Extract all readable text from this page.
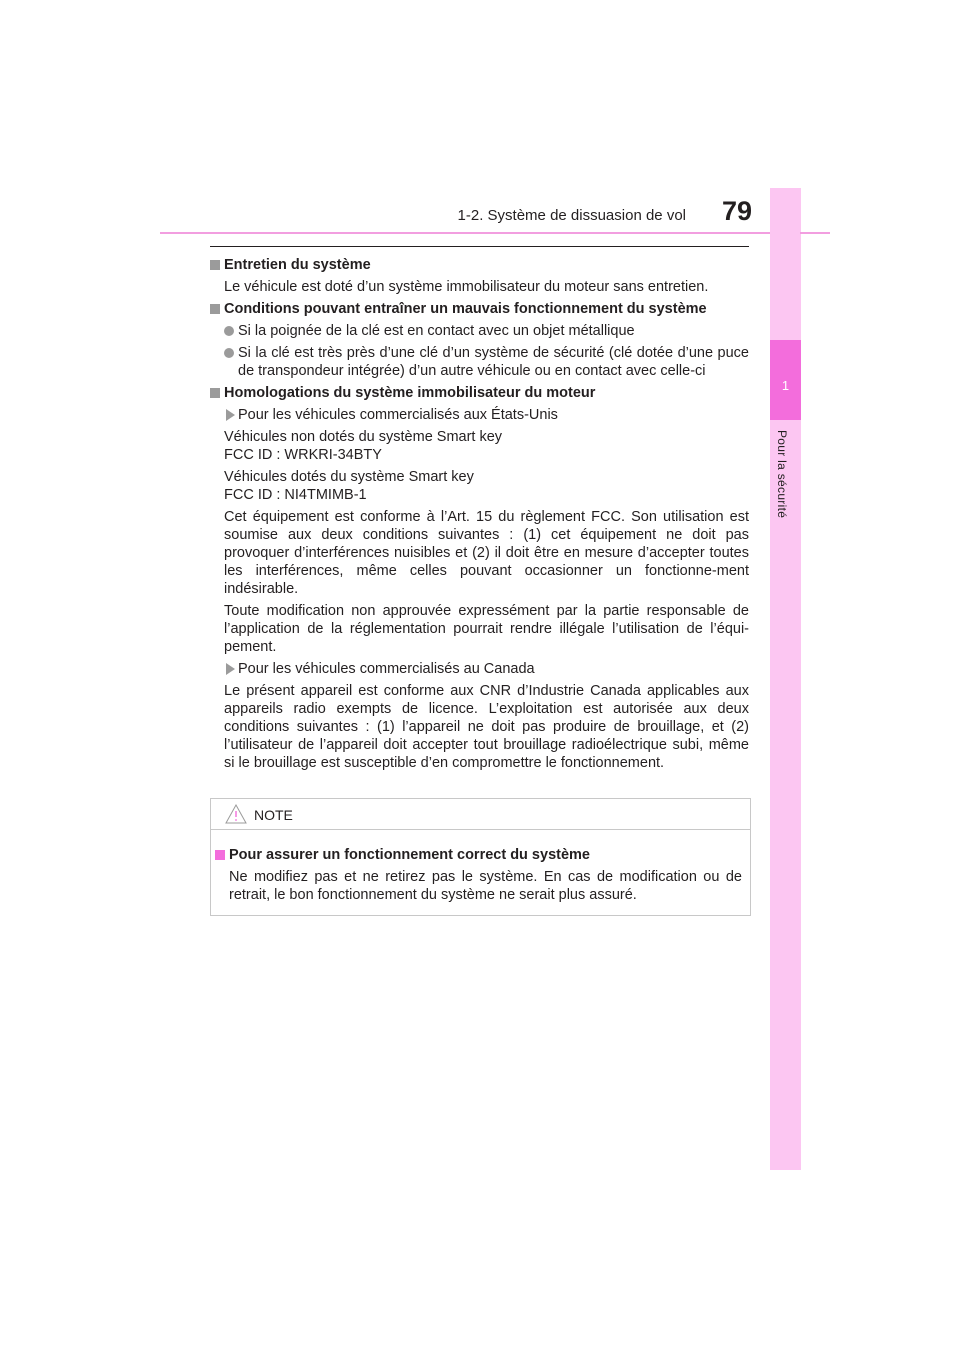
1-2. Système de dissuasion de vol	79
1
Pour la sécurité
Entretien du système
Le véhicule est doté d’un système immobilisateur du moteur sans entretien.
Conditions pouvant entraîner un mauvais fonctionnement du système
Si la poignée de la clé est en contact avec un objet métallique
Si la clé est très près d’une clé d’un système de sécurité (clé dotée d’une puce de transpondeur intégrée) d’un autre véhicule ou en contact avec celle-ci
Homologations du système immobilisateur du moteur
Pour les véhicules commercialisés aux États-Unis
Véhicules non dotés du système Smart key
FCC ID : WRKRI-34BTY
Véhicules dotés du système Smart key
FCC ID : NI4TMIMB-1
Cet équipement est conforme à l’Art. 15 du règlement FCC. Son utilisation est soumise aux deux conditions suivantes : (1) cet équipement ne doit pas provoquer d’interférences nuisibles et (2) il doit être en mesure d’accepter toutes les interférences, même celles pouvant occasionner un fonctionne-ment indésirable.
Toute modification non approuvée expressément par la partie responsable de l’application de la réglementation pourrait rendre illégale l’utilisation de l’équi-pement.
Pour les véhicules commercialisés au Canada
Le présent appareil est conforme aux CNR d’Industrie Canada applicables aux appareils radio exempts de licence. L’exploitation est autorisée aux deux conditions suivantes : (1) l’appareil ne doit pas produire de brouillage, et (2) l’utilisateur de l’appareil doit accepter tout brouillage radioélectrique subi, même si le brouillage est susceptible d’en compromettre le fonctionnement.
NOTE
Pour assurer un fonctionnement correct du système
Ne modifiez pas et ne retirez pas le système. En cas de modification ou de retrait, le bon fonctionnement du système ne serait plus assuré.
